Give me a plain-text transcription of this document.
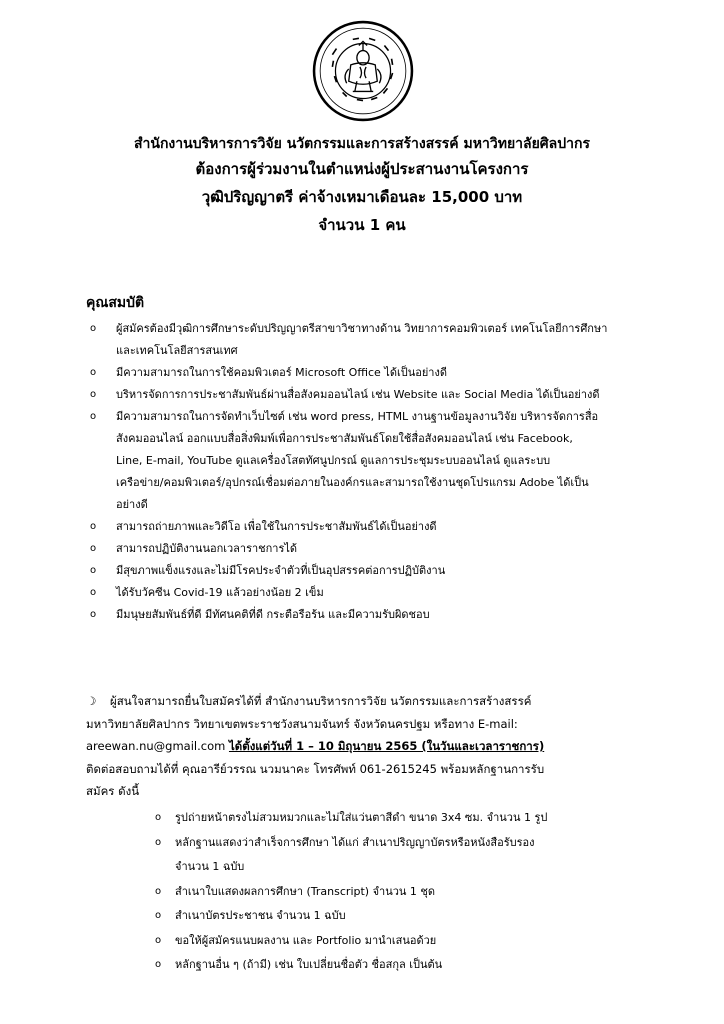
สำนักงานบริหารการวิจัย นวัตกรรมและการสร้างสรรค์ มหาวิทยาลัยศิลปากร
ต้องการผู้ร่วมงานในตำแหน่งผู้ประสานงานโครงการ
วุฒิปริญญาตรี ค่าจ้างเหมาเดือนละ 15,000 บาท
จำนวน 1 คน
คุณสมบัติ
o ผู้สมัครต้องมีวุฒิการศึกษาระดับปริญญาตรีสาขาวิชาทางด้าน วิทยาการคอมพิวเตอร์ เทคโนโลยีการศึกษา
และเทคโนโลยีสารสนเทศ
o มีความสามารถในการใช้คอมพิวเตอร์ Microsoft Office ได้เป็นอย่างดี
o บริหารจัดการการประชาสัมพันธ์ผ่านสื่อสังคมออนไลน์ เช่น Website และ Social Media ได้เป็นอย่างดี
o มีความสามารถในการจัดทำเว็บไซต์ เช่น word press, HTML งานฐานข้อมูลงานวิจัย บริหารจัดการสื่อ
สังคมออนไลน์ ออกแบบสื่อสิ่งพิมพ์เพื่อการประชาสัมพันธ์โดยใช้สื่อสังคมออนไลน์ เช่น Facebook,
Line, E-mail, YouTube ดูแลเครื่องโสตทัศนูปกรณ์ ดูแลการประชุมระบบออนไลน์ ดูแลระบบ
เครือข่าย/คอมพิวเตอร์/อุปกรณ์เชื่อมต่อภายในองค์กรและสามารถใช้งานชุดโปรแกรม Adobe ได้เป็น
อย่างดี
o สามารถถ่ายภาพและวิดีโอ เพื่อใช้ในการประชาสัมพันธ์ได้เป็นอย่างดี
o สามารถปฏิบัติงานนอกเวลาราชการได้
o มีสุขภาพแข็งแรงและไม่มีโรคประจำตัวที่เป็นอุปสรรคต่อการปฏิบัติงาน
o ได้รับวัคซีน Covid-19 แล้วอย่างน้อย 2 เข็ม
o มีมนุษยสัมพันธ์ที่ดี มีทัศนคติที่ดี กระตือรือร้น และมีความรับผิดชอบ
☽ ผู้สนใจสามารถยื่นใบสมัครได้ที่ สำนักงานบริหารการวิจัย นวัตกรรมและการสร้างสรรค์
มหาวิทยาลัยศิลปากร วิทยาเขตพระราชวังสนามจันทร์ จังหวัดนครปฐม หรือทาง E-mail:
areewan.nu@gmail.com ได้ตั้งแต่วันที่ 1 – 10 มิถุนายน 2565 (ในวันและเวลาราชการ)
ติดต่อสอบถามได้ที่ คุณอารีย์วรรณ นวมนาคะ โทรศัพท์ 061-2615245 พร้อมหลักฐานการรับ
สมัคร ดังนี้
o รูปถ่ายหน้าตรงไม่สวมหมวกและไม่ใส่แว่นตาสีดำ ขนาด 3x4 ซม. จำนวน 1 รูป
o หลักฐานแสดงว่าสำเร็จการศึกษา ได้แก่ สำเนาปริญญาบัตรหรือหนังสือรับรอง
จำนวน 1 ฉบับ
o สำเนาใบแสดงผลการศึกษา (Transcript) จำนวน 1 ชุด
o สำเนาบัตรประชาชน จำนวน 1 ฉบับ
o ขอให้ผู้สมัครแนบผลงาน และ Portfolio มานำเสนอด้วย
o หลักฐานอื่น ๆ (ถ้ามี) เช่น ใบเปลี่ยนชื่อตัว ชื่อสกุล เป็นต้น
